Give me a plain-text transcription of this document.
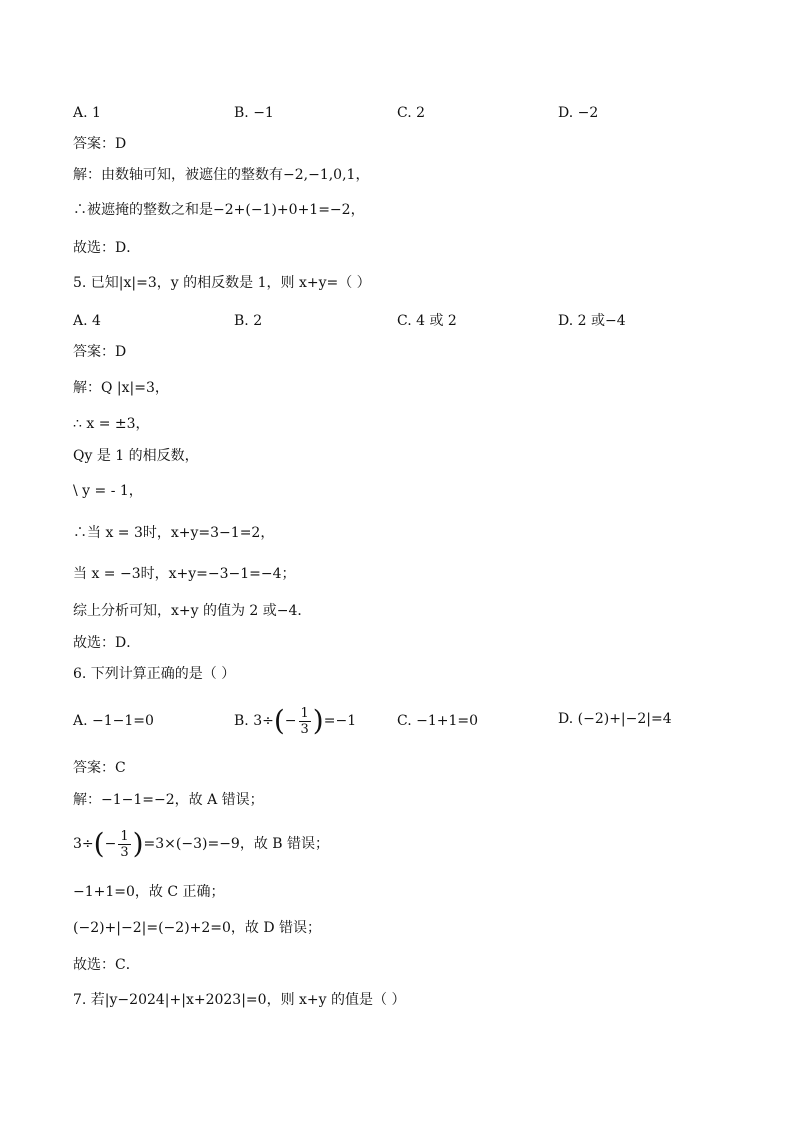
A. 1	B. −1	C. 2	D. −2
答案：D
解：由数轴可知，被遮住的整数有−2,−1,0,1，
∴被遮掩的整数之和是−2+(−1)+0+1=−2，
故选：D．
5. 已知|x|=3，y 的相反数是 1，则 x+y=（ ）
A. 4	B. 2	C. 4 或 2	D. 2 或−4
答案：D
解：Q |x|=3，
∴ x = ±3，
Qy 是 1 的相反数，
\ y = - 1，
∴当 x = 3时，x+y=3−1=2，
当 x = −3时，x+y=−3−1=−4；
综上分析可知，x+y 的值为 2 或−4．
故选：D．
6. 下列计算正确的是（ ）
A. −1−1=0	B. $3\div(- \frac{1}{3} )=-1$	C. −1+1=0	D. (−2)+|−2|=4
答案：C
解：−1−1=−2，故 A 错误；
$3\div(- \frac{1}{3} )=3\times(-3)=-9$，故 B 错误；
−1+1=0，故 C 正确；
(−2)+|−2|=(−2)+2=0，故 D 错误；
故选：C．
7. 若|y−2024|+|x+2023|=0，则 x+y 的值是（ ）
